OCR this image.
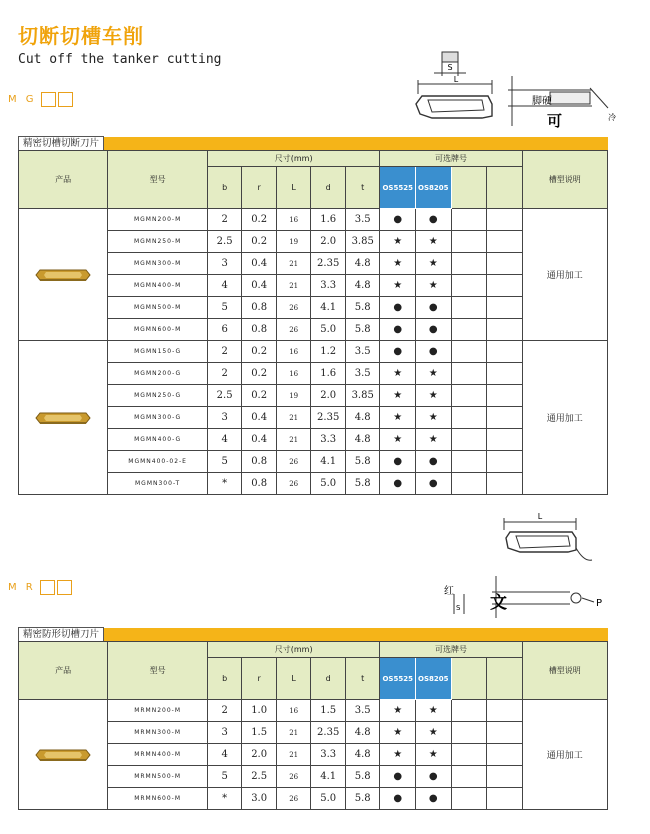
切断切槽车削
Cut off the tanker cutting
M G
S
L
脚硬
可	冷
精密切槽切断刀片
产品	型号	尺寸(mm)					可选牌号				槽型说明
		b	r	L	d	t	OS5525	OS8205			

	MGMN200-M	2	0.2	16	1.6	3.5	●	●			通用加工
	MGMN250-M	2.5	0.2	19	2.0	3.85	★	★			
	MGMN300-M	3	0.4	21	2.35	4.8	★	★			
	MGMN400-M	4	0.4	21	3.3	4.8	★	★			
	MGMN500-M	5	0.8	26	4.1	5.8	●	●			
	MGMN600-M	6	0.8	26	5.0	5.8	●	●			

	MGMN150-G	2	0.2	16	1.2	3.5	●	●			通用加工
	MGMN200-G	2	0.2	16	1.6	3.5	★	★			
	MGMN250-G	2.5	0.2	19	2.0	3.85	★	★			
	MGMN300-G	3	0.4	21	2.35	4.8	★	★			
	MGMN400-G	4	0.4	21	3.3	4.8	★	★			
	MGMN400-02-E	5	0.8	26	4.1	5.8	●	●			
	MGMN300-T	*	0.8	26	5.0	5.8	●	●			
L
M R	红
文
S	P
精密防形切槽刀片
产品	型号	尺寸(mm)					可选牌号				槽型说明
		b	r	L	d	t	OS5525	OS8205			

	MRMN200-M	2	1.0	16	1.5	3.5	★	★			通用加工
	MRMN300-M	3	1.5	21	2.35	4.8	★	★			
	MRMN400-M	4	2.0	21	3.3	4.8	★	★			
	MRMN500-M	5	2.5	26	4.1	5.8	●	●			
	MRMN600-M	*	3.0	26	5.0	5.8	●	●			
